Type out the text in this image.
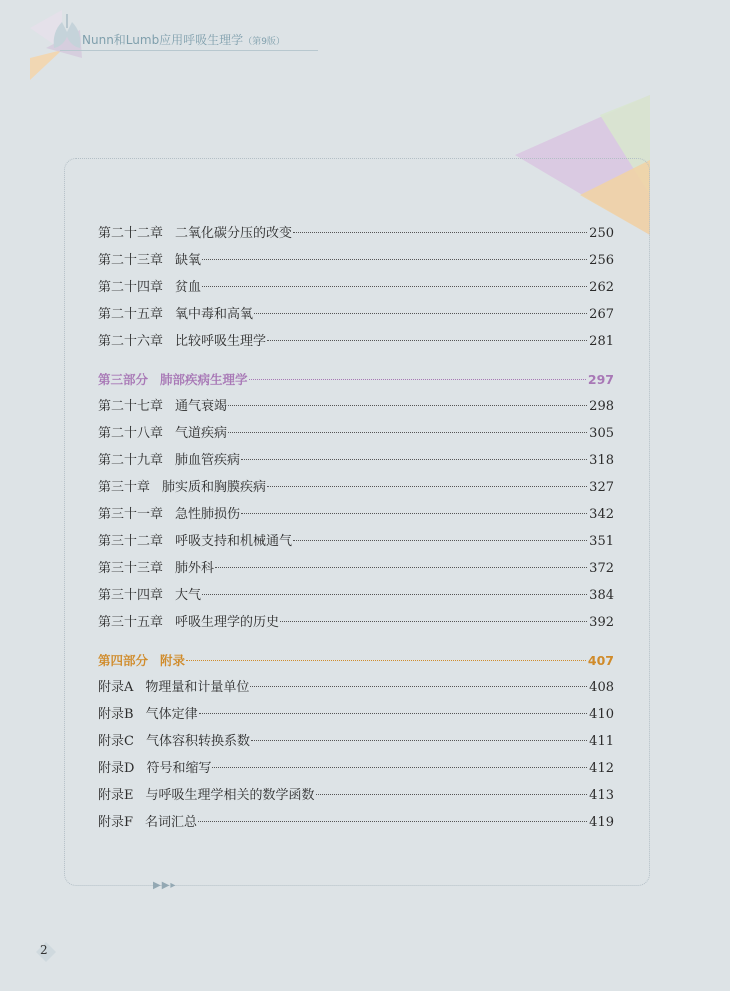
Nunn和Lumb应用呼吸生理学（第9版）
第二十二章 二氧化碳分压的改变	250
第二十三章 缺氧	256
第二十四章 贫血	262
第二十五章 氧中毒和高氧	267
第二十六章 比较呼吸生理学	281
第三部分 肺部疾病生理学	297
第二十七章 通气衰竭	298
第二十八章 气道疾病	305
第二十九章 肺血管疾病	318
第三十章 肺实质和胸膜疾病	327
第三十一章 急性肺损伤	342
第三十二章 呼吸支持和机械通气	351
第三十三章 肺外科	372
第三十四章 大气	384
第三十五章 呼吸生理学的历史	392
第四部分 附录	407
附录A 物理量和计量单位	408
附录B 气体定律	410
附录C 气体容积转换系数	411
附录D 符号和缩写	412
附录E 与呼吸生理学相关的数学函数	413
附录F 名词汇总	419
▶▶▸
2
